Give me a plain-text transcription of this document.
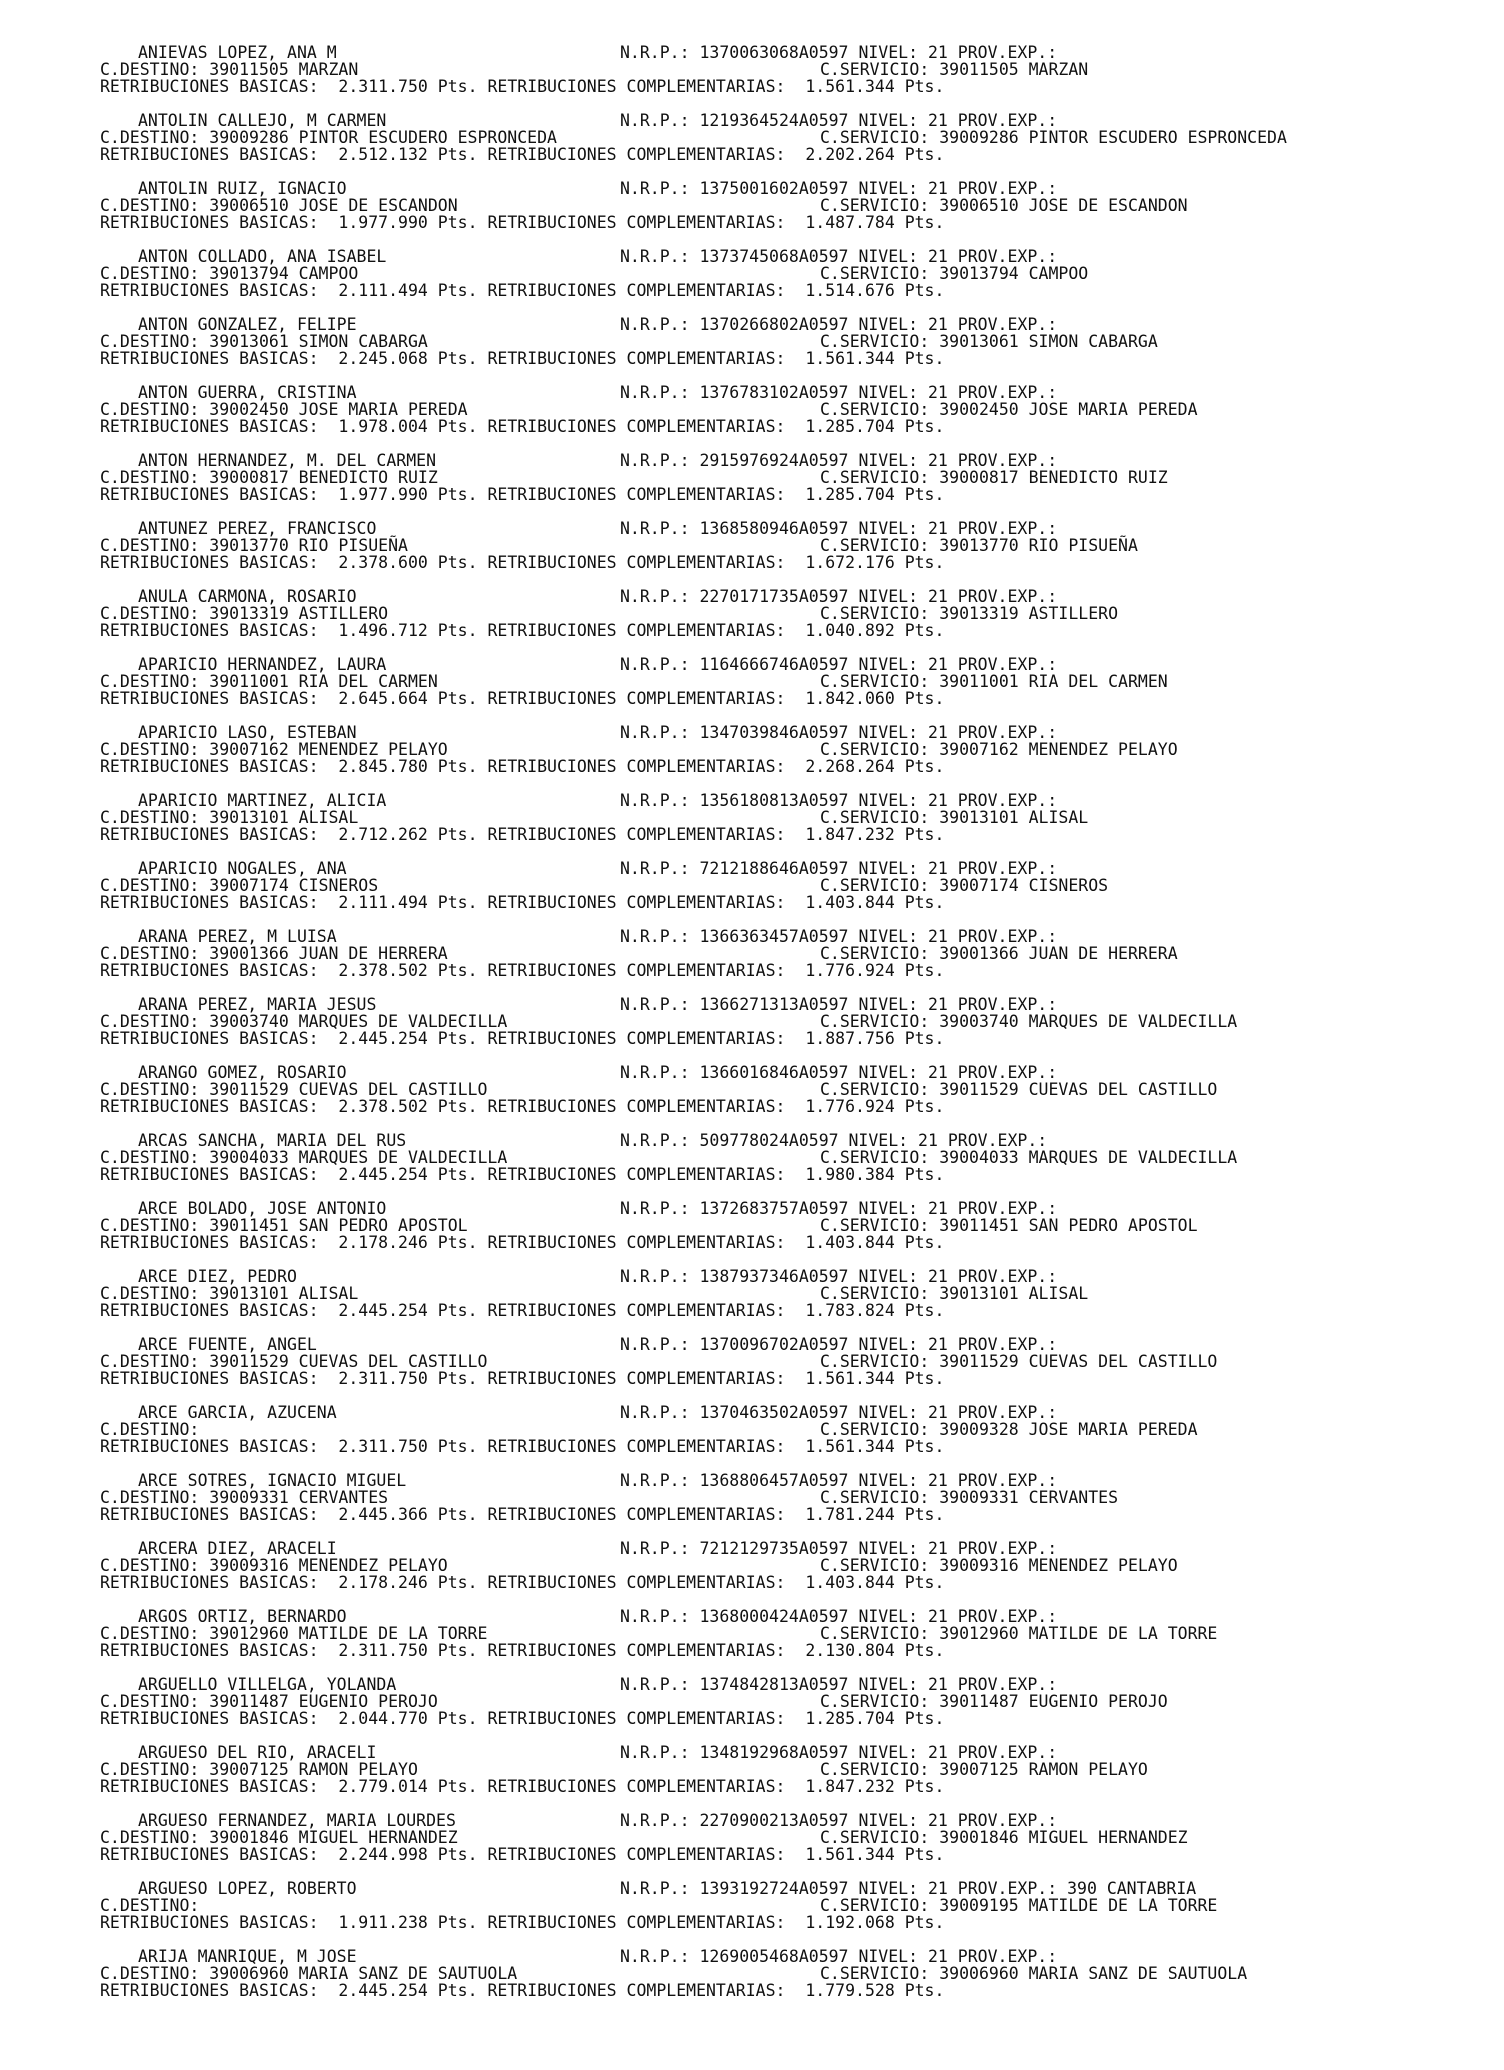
ANIEVAS LOPEZ, ANA M	N.R.P.: 1370063068A0597 NIVEL: 21 PROV.EXP.:
C.DESTINO: 39011505 MARZAN	C.SERVICIO: 39011505 MARZAN
RETRIBUCIONES BASICAS: 2.311.750 Pts. RETRIBUCIONES COMPLEMENTARIAS: 1.561.344 Pts.
ANTOLIN CALLEJO, M CARMEN	N.R.P.: 1219364524A0597 NIVEL: 21 PROV.EXP.:
C.DESTINO: 39009286 PINTOR ESCUDERO ESPRONCEDA	C.SERVICIO: 39009286 PINTOR ESCUDERO ESPRONCEDA
RETRIBUCIONES BASICAS: 2.512.132 Pts. RETRIBUCIONES COMPLEMENTARIAS: 2.202.264 Pts.
ANTOLIN RUIZ, IGNACIO	N.R.P.: 1375001602A0597 NIVEL: 21 PROV.EXP.:
C.DESTINO: 39006510 JOSE DE ESCANDON	C.SERVICIO: 39006510 JOSE DE ESCANDON
RETRIBUCIONES BASICAS: 1.977.990 Pts. RETRIBUCIONES COMPLEMENTARIAS: 1.487.784 Pts.
ANTON COLLADO, ANA ISABEL	N.R.P.: 1373745068A0597 NIVEL: 21 PROV.EXP.:
C.DESTINO: 39013794 CAMPOO	C.SERVICIO: 39013794 CAMPOO
RETRIBUCIONES BASICAS: 2.111.494 Pts. RETRIBUCIONES COMPLEMENTARIAS: 1.514.676 Pts.
ANTON GONZALEZ, FELIPE	N.R.P.: 1370266802A0597 NIVEL: 21 PROV.EXP.:
C.DESTINO: 39013061 SIMON CABARGA	C.SERVICIO: 39013061 SIMON CABARGA
RETRIBUCIONES BASICAS: 2.245.068 Pts. RETRIBUCIONES COMPLEMENTARIAS: 1.561.344 Pts.
ANTON GUERRA, CRISTINA	N.R.P.: 1376783102A0597 NIVEL: 21 PROV.EXP.:
C.DESTINO: 39002450 JOSE MARIA PEREDA	C.SERVICIO: 39002450 JOSE MARIA PEREDA
RETRIBUCIONES BASICAS: 1.978.004 Pts. RETRIBUCIONES COMPLEMENTARIAS: 1.285.704 Pts.
ANTON HERNANDEZ, M. DEL CARMEN	N.R.P.: 2915976924A0597 NIVEL: 21 PROV.EXP.:
C.DESTINO: 39000817 BENEDICTO RUIZ	C.SERVICIO: 39000817 BENEDICTO RUIZ
RETRIBUCIONES BASICAS: 1.977.990 Pts. RETRIBUCIONES COMPLEMENTARIAS: 1.285.704 Pts.
ANTUNEZ PEREZ, FRANCISCO	N.R.P.: 1368580946A0597 NIVEL: 21 PROV.EXP.:
C.DESTINO: 39013770 RIO PISUEÑA	C.SERVICIO: 39013770 RIO PISUEÑA
RETRIBUCIONES BASICAS: 2.378.600 Pts. RETRIBUCIONES COMPLEMENTARIAS: 1.672.176 Pts.
ANULA CARMONA, ROSARIO	N.R.P.: 2270171735A0597 NIVEL: 21 PROV.EXP.:
C.DESTINO: 39013319 ASTILLERO	C.SERVICIO: 39013319 ASTILLERO
RETRIBUCIONES BASICAS: 1.496.712 Pts. RETRIBUCIONES COMPLEMENTARIAS: 1.040.892 Pts.
APARICIO HERNANDEZ, LAURA	N.R.P.: 1164666746A0597 NIVEL: 21 PROV.EXP.:
C.DESTINO: 39011001 RIA DEL CARMEN	C.SERVICIO: 39011001 RIA DEL CARMEN
RETRIBUCIONES BASICAS: 2.645.664 Pts. RETRIBUCIONES COMPLEMENTARIAS: 1.842.060 Pts.
APARICIO LASO, ESTEBAN	N.R.P.: 1347039846A0597 NIVEL: 21 PROV.EXP.:
C.DESTINO: 39007162 MENENDEZ PELAYO	C.SERVICIO: 39007162 MENENDEZ PELAYO
RETRIBUCIONES BASICAS: 2.845.780 Pts. RETRIBUCIONES COMPLEMENTARIAS: 2.268.264 Pts.
APARICIO MARTINEZ, ALICIA	N.R.P.: 1356180813A0597 NIVEL: 21 PROV.EXP.:
C.DESTINO: 39013101 ALISAL	C.SERVICIO: 39013101 ALISAL
RETRIBUCIONES BASICAS: 2.712.262 Pts. RETRIBUCIONES COMPLEMENTARIAS: 1.847.232 Pts.
APARICIO NOGALES, ANA	N.R.P.: 7212188646A0597 NIVEL: 21 PROV.EXP.:
C.DESTINO: 39007174 CISNEROS	C.SERVICIO: 39007174 CISNEROS
RETRIBUCIONES BASICAS: 2.111.494 Pts. RETRIBUCIONES COMPLEMENTARIAS: 1.403.844 Pts.
ARANA PEREZ, M LUISA	N.R.P.: 1366363457A0597 NIVEL: 21 PROV.EXP.:
C.DESTINO: 39001366 JUAN DE HERRERA	C.SERVICIO: 39001366 JUAN DE HERRERA
RETRIBUCIONES BASICAS: 2.378.502 Pts. RETRIBUCIONES COMPLEMENTARIAS: 1.776.924 Pts.
ARANA PEREZ, MARIA JESUS	N.R.P.: 1366271313A0597 NIVEL: 21 PROV.EXP.:
C.DESTINO: 39003740 MARQUES DE VALDECILLA	C.SERVICIO: 39003740 MARQUES DE VALDECILLA
RETRIBUCIONES BASICAS: 2.445.254 Pts. RETRIBUCIONES COMPLEMENTARIAS: 1.887.756 Pts.
ARANGO GOMEZ, ROSARIO	N.R.P.: 1366016846A0597 NIVEL: 21 PROV.EXP.:
C.DESTINO: 39011529 CUEVAS DEL CASTILLO	C.SERVICIO: 39011529 CUEVAS DEL CASTILLO
RETRIBUCIONES BASICAS: 2.378.502 Pts. RETRIBUCIONES COMPLEMENTARIAS: 1.776.924 Pts.
ARCAS SANCHA, MARIA DEL RUS	N.R.P.: 509778024A0597 NIVEL: 21 PROV.EXP.:
C.DESTINO: 39004033 MARQUES DE VALDECILLA	C.SERVICIO: 39004033 MARQUES DE VALDECILLA
RETRIBUCIONES BASICAS: 2.445.254 Pts. RETRIBUCIONES COMPLEMENTARIAS: 1.980.384 Pts.
ARCE BOLADO, JOSE ANTONIO	N.R.P.: 1372683757A0597 NIVEL: 21 PROV.EXP.:
C.DESTINO: 39011451 SAN PEDRO APOSTOL	C.SERVICIO: 39011451 SAN PEDRO APOSTOL
RETRIBUCIONES BASICAS: 2.178.246 Pts. RETRIBUCIONES COMPLEMENTARIAS: 1.403.844 Pts.
ARCE DIEZ, PEDRO	N.R.P.: 1387937346A0597 NIVEL: 21 PROV.EXP.:
C.DESTINO: 39013101 ALISAL	C.SERVICIO: 39013101 ALISAL
RETRIBUCIONES BASICAS: 2.445.254 Pts. RETRIBUCIONES COMPLEMENTARIAS: 1.783.824 Pts.
ARCE FUENTE, ANGEL	N.R.P.: 1370096702A0597 NIVEL: 21 PROV.EXP.:
C.DESTINO: 39011529 CUEVAS DEL CASTILLO	C.SERVICIO: 39011529 CUEVAS DEL CASTILLO
RETRIBUCIONES BASICAS: 2.311.750 Pts. RETRIBUCIONES COMPLEMENTARIAS: 1.561.344 Pts.
ARCE GARCIA, AZUCENA	N.R.P.: 1370463502A0597 NIVEL: 21 PROV.EXP.:
C.DESTINO:	C.SERVICIO: 39009328 JOSE MARIA PEREDA
RETRIBUCIONES BASICAS: 2.311.750 Pts. RETRIBUCIONES COMPLEMENTARIAS: 1.561.344 Pts.
ARCE SOTRES, IGNACIO MIGUEL	N.R.P.: 1368806457A0597 NIVEL: 21 PROV.EXP.:
C.DESTINO: 39009331 CERVANTES	C.SERVICIO: 39009331 CERVANTES
RETRIBUCIONES BASICAS: 2.445.366 Pts. RETRIBUCIONES COMPLEMENTARIAS: 1.781.244 Pts.
ARCERA DIEZ, ARACELI	N.R.P.: 7212129735A0597 NIVEL: 21 PROV.EXP.:
C.DESTINO: 39009316 MENENDEZ PELAYO	C.SERVICIO: 39009316 MENENDEZ PELAYO
RETRIBUCIONES BASICAS: 2.178.246 Pts. RETRIBUCIONES COMPLEMENTARIAS: 1.403.844 Pts.
ARGOS ORTIZ, BERNARDO	N.R.P.: 1368000424A0597 NIVEL: 21 PROV.EXP.:
C.DESTINO: 39012960 MATILDE DE LA TORRE	C.SERVICIO: 39012960 MATILDE DE LA TORRE
RETRIBUCIONES BASICAS: 2.311.750 Pts. RETRIBUCIONES COMPLEMENTARIAS: 2.130.804 Pts.
ARGUELLO VILLELGA, YOLANDA	N.R.P.: 1374842813A0597 NIVEL: 21 PROV.EXP.:
C.DESTINO: 39011487 EUGENIO PEROJO	C.SERVICIO: 39011487 EUGENIO PEROJO
RETRIBUCIONES BASICAS: 2.044.770 Pts. RETRIBUCIONES COMPLEMENTARIAS: 1.285.704 Pts.
ARGUESO DEL RIO, ARACELI	N.R.P.: 1348192968A0597 NIVEL: 21 PROV.EXP.:
C.DESTINO: 39007125 RAMON PELAYO	C.SERVICIO: 39007125 RAMON PELAYO
RETRIBUCIONES BASICAS: 2.779.014 Pts. RETRIBUCIONES COMPLEMENTARIAS: 1.847.232 Pts.
ARGUESO FERNANDEZ, MARIA LOURDES	N.R.P.: 2270900213A0597 NIVEL: 21 PROV.EXP.:
C.DESTINO: 39001846 MIGUEL HERNANDEZ	C.SERVICIO: 39001846 MIGUEL HERNANDEZ
RETRIBUCIONES BASICAS: 2.244.998 Pts. RETRIBUCIONES COMPLEMENTARIAS: 1.561.344 Pts.
ARGUESO LOPEZ, ROBERTO	N.R.P.: 1393192724A0597 NIVEL: 21 PROV.EXP.: 390 CANTABRIA
C.DESTINO:	C.SERVICIO: 39009195 MATILDE DE LA TORRE
RETRIBUCIONES BASICAS: 1.911.238 Pts. RETRIBUCIONES COMPLEMENTARIAS: 1.192.068 Pts.
ARIJA MANRIQUE, M JOSE	N.R.P.: 1269005468A0597 NIVEL: 21 PROV.EXP.:
C.DESTINO: 39006960 MARIA SANZ DE SAUTUOLA	C.SERVICIO: 39006960 MARIA SANZ DE SAUTUOLA
RETRIBUCIONES BASICAS: 2.445.254 Pts. RETRIBUCIONES COMPLEMENTARIAS: 1.779.528 Pts.
